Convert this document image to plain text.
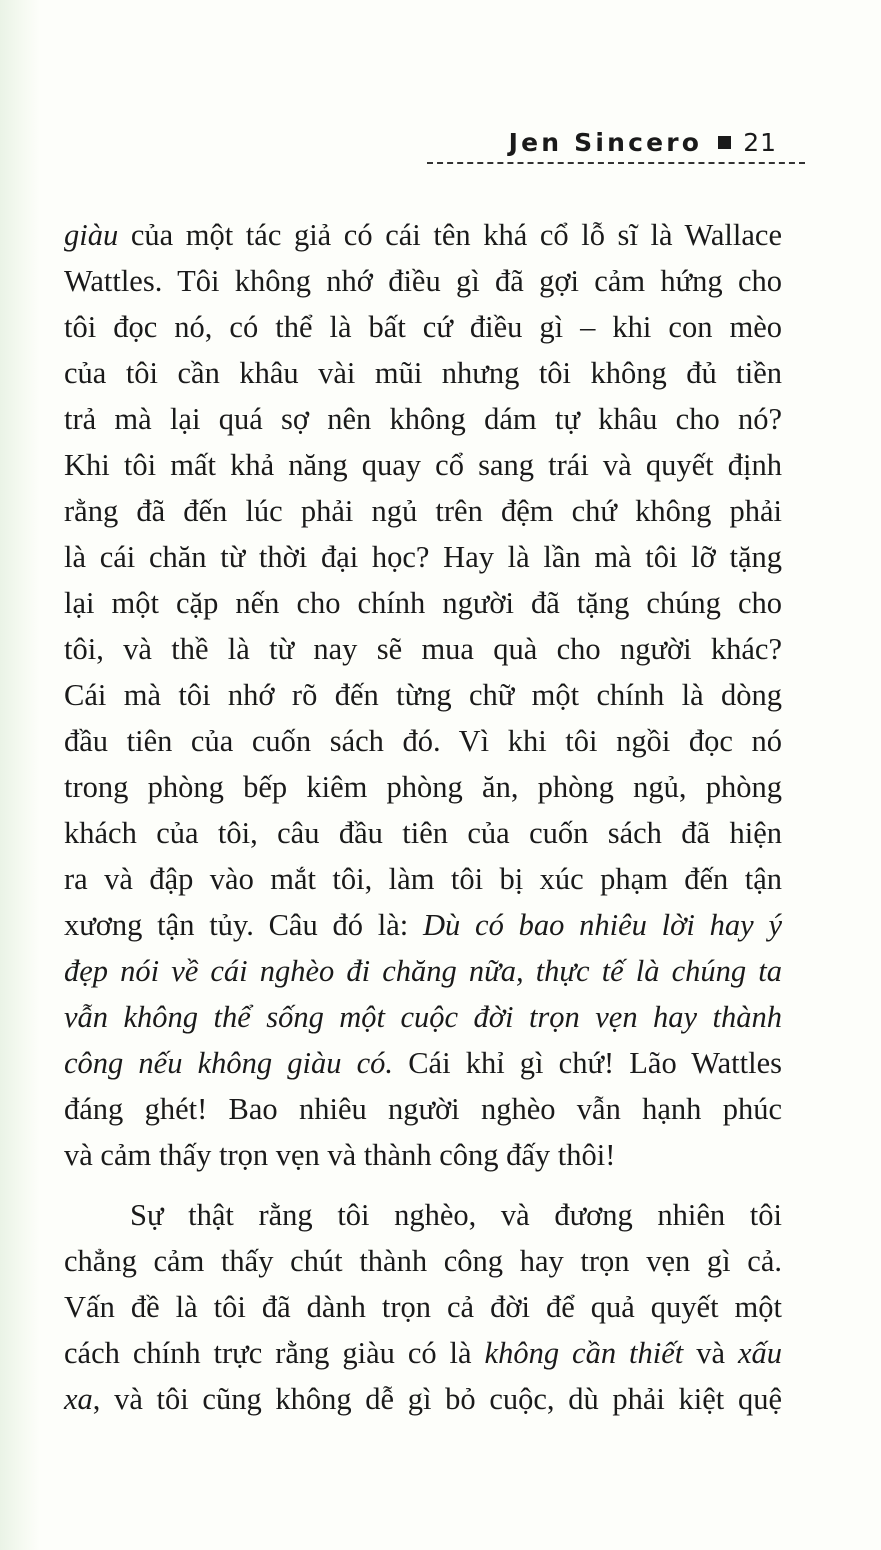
Jen Sincero 21
giàu của một tác giả có cái tên khá cổ lỗ sĩ là Wallace
Wattles. Tôi không nhớ điều gì đã gợi cảm hứng cho
tôi đọc nó, có thể là bất cứ điều gì – khi con mèo
của tôi cần khâu vài mũi nhưng tôi không đủ tiền
trả mà lại quá sợ nên không dám tự khâu cho nó?
Khi tôi mất khả năng quay cổ sang trái và quyết định
rằng đã đến lúc phải ngủ trên đệm chứ không phải
là cái chăn từ thời đại học? Hay là lần mà tôi lỡ tặng
lại một cặp nến cho chính người đã tặng chúng cho
tôi, và thề là từ nay sẽ mua quà cho người khác?
Cái mà tôi nhớ rõ đến từng chữ một chính là dòng
đầu tiên của cuốn sách đó. Vì khi tôi ngồi đọc nó
trong phòng bếp kiêm phòng ăn, phòng ngủ, phòng
khách của tôi, câu đầu tiên của cuốn sách đã hiện
ra và đập vào mắt tôi, làm tôi bị xúc phạm đến tận
xương tận tủy. Câu đó là: Dù có bao nhiêu lời hay ý
đẹp nói về cái nghèo đi chăng nữa, thực tế là chúng ta
vẫn không thể sống một cuộc đời trọn vẹn hay thành
công nếu không giàu có. Cái khỉ gì chứ! Lão Wattles
đáng ghét! Bao nhiêu người nghèo vẫn hạnh phúc
và cảm thấy trọn vẹn và thành công đấy thôi!
Sự thật rằng tôi nghèo, và đương nhiên tôi
chẳng cảm thấy chút thành công hay trọn vẹn gì cả.
Vấn đề là tôi đã dành trọn cả đời để quả quyết một
cách chính trực rằng giàu có là không cần thiết và xấu
xa, và tôi cũng không dễ gì bỏ cuộc, dù phải kiệt quệ
